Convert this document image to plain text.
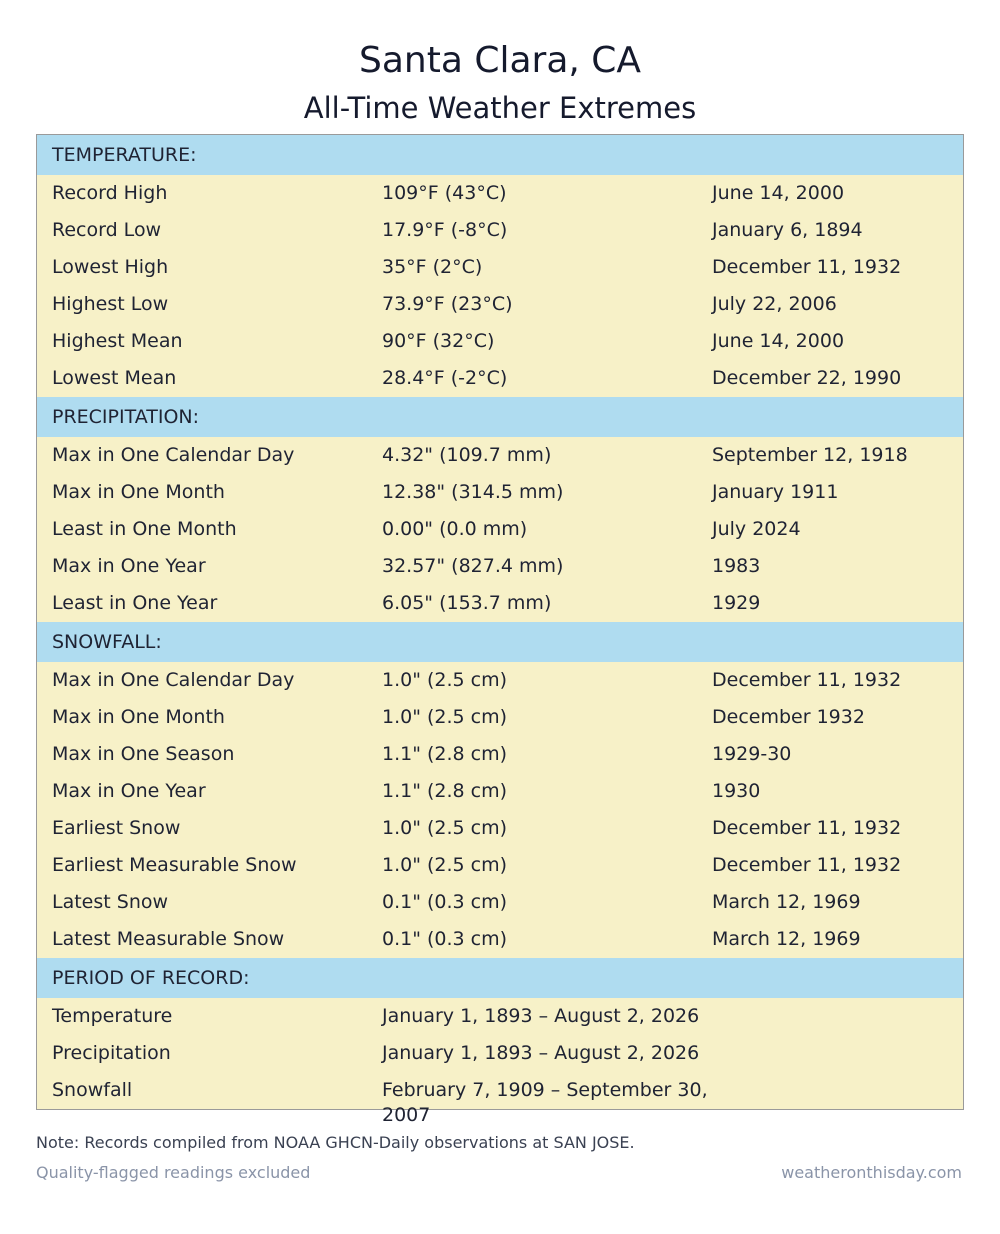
Santa Clara, CA
All-Time Weather Extremes
TEMPERATURE:
Record High	109°F (43°C)	June 14, 2000
Record Low	17.9°F (-8°C)	January 6, 1894
Lowest High	35°F (2°C)	December 11, 1932
Highest Low	73.9°F (23°C)	July 22, 2006
Highest Mean	90°F (32°C)	June 14, 2000
Lowest Mean	28.4°F (-2°C)	December 22, 1990
PRECIPITATION:
Max in One Calendar Day	4.32" (109.7 mm)	September 12, 1918
Max in One Month	12.38" (314.5 mm)	January 1911
Least in One Month	0.00" (0.0 mm)	July 2024
Max in One Year	32.57" (827.4 mm)	1983
Least in One Year	6.05" (153.7 mm)	1929
SNOWFALL:
Max in One Calendar Day	1.0" (2.5 cm)	December 11, 1932
Max in One Month	1.0" (2.5 cm)	December 1932
Max in One Season	1.1" (2.8 cm)	1929-30
Max in One Year	1.1" (2.8 cm)	1930
Earliest Snow	1.0" (2.5 cm)	December 11, 1932
Earliest Measurable Snow	1.0" (2.5 cm)	December 11, 1932
Latest Snow	0.1" (0.3 cm)	March 12, 1969
Latest Measurable Snow	0.1" (0.3 cm)	March 12, 1969
PERIOD OF RECORD:
Temperature	January 1, 1893 – August 2, 2026
Precipitation	January 1, 1893 – August 2, 2026
Snowfall	February 7, 1909 – September 30, 2007
Note: Records compiled from NOAA GHCN-Daily observations at SAN JOSE.
Quality-flagged readings excluded	weatheronthisday.com
